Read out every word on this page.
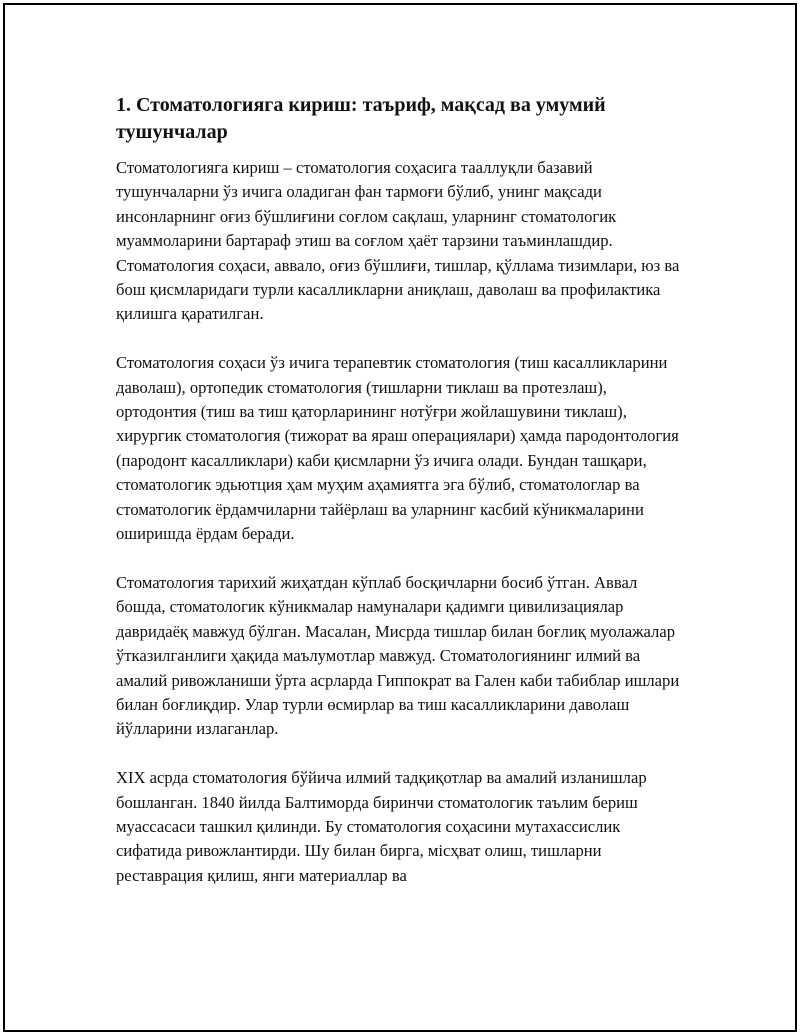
1. Стоматологияга кириш: таъриф, мақсад ва умумий тушунчалар

Стоматологияга кириш – стоматология соҳасига тааллуқли базавий тушунчаларни ўз ичига оладиган фан тармоғи бўлиб, унинг мақсади инсонларнинг оғиз бўшлиғини соғлом сақлаш, уларнинг стоматологик муаммоларини бартараф этиш ва соғлом ҳаёт тарзини таъминлашдир. Стоматология соҳаси, аввало, оғиз бўшлиғи, тишлар, қўллама тизимлари, юз ва бош қисмларидаги турли касалликларни аниқлаш, даволаш ва профилактика қилишга қаратилган.

Стоматология соҳаси ўз ичига терапевтик стоматология (тиш касалликларини даволаш), ортопедик стоматология (тишларни тиклаш ва протезлаш), ортодонтия (тиш ва тиш қаторларининг нотўғри жойлашувини тиклаш), хирургик стоматология (тижорат ва яраш операциялари) ҳамда пародонтология (пародонт касалликлари) каби қисмларни ўз ичига олади. Бундан ташқари, стоматологик эдьютция ҳам муҳим аҳамиятга эга бўлиб, стоматологлар ва стоматологик ёрдамчиларни тайёрлаш ва уларнинг касбий кўникмаларини оширишда ёрдам беради.

Стоматология тарихий жиҳатдан кўплаб босқичларни босиб ўтган. Аввал бошда, стоматологик кўникмалар намуналари қадимги цивилизациялар давридаёқ мавжуд бўлган. Масалан, Мисрда тишлар билан боғлиқ муолажалар ўтказилганлиги ҳақида маълумотлар мавжуд. Стоматологиянинг илмий ва амалий ривожланиши ўрта асрларда Гиппократ ва Гален каби табиблар ишлари билан боғлиқдир. Улар турли өсмирлар ва тиш касалликларини даволаш йўлларини излаганлар.

XIX асрда стоматология бўйича илмий тадқиқотлар ва амалий изланишлар бошланган. 1840 йилда Балтиморда биринчи стоматологик таълим бериш муассасаси ташкил қилинди. Бу стоматология соҳасини мутахассислик сифатида ривожлантирди. Шу билан бирга, місҳват олиш, тишларни реставрация қилиш, янги материаллар ва
